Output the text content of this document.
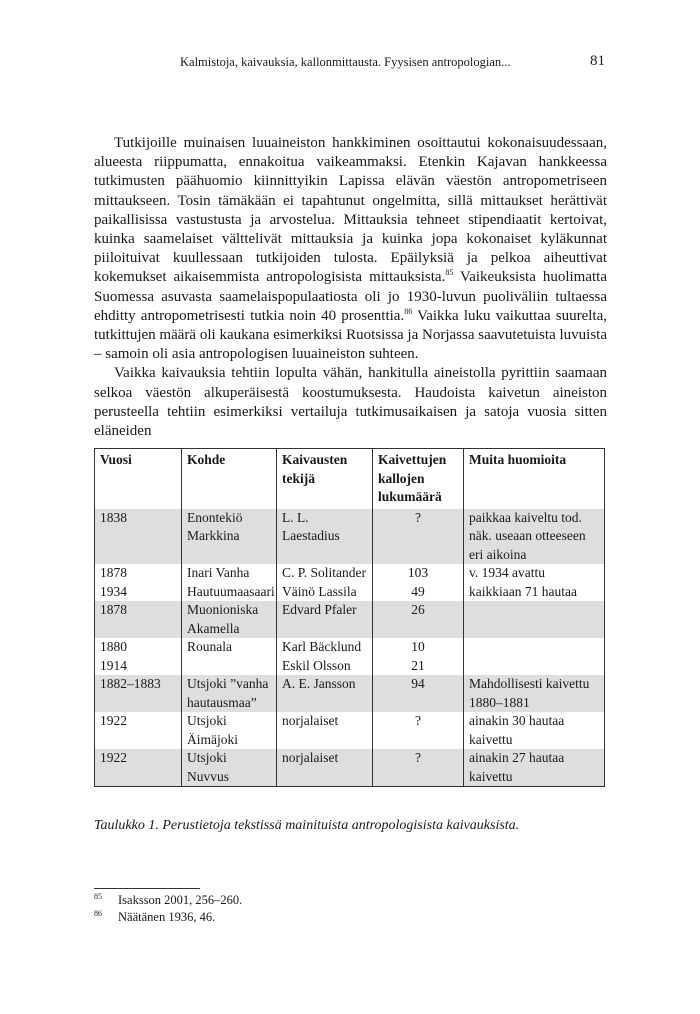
Kalmistoja, kaivauksia, kallonmittausta. Fyysisen antropologian...	81

Tutkijoille muinaisen luuaineiston hankkiminen osoittautui kokonaisuudessaan, alueesta riippumatta, ennakoitua vaikeammaksi. Etenkin Kajavan hankkeessa tutkimusten päähuomio kiinnittyikin Lapissa elävän väestön antropometriseen mittaukseen. Tosin tämäkään ei tapahtunut ongelmitta, sillä mittaukset herättivät paikallisissa vastustusta ja arvostelua. Mittauksia tehneet stipendiaatit kertoivat, kuinka saamelaiset välttelivät mittauksia ja kuinka jopa kokonaiset kyläkunnat piiloituivat kuullessaan tutkijoiden tulosta. Epäilyksiä ja pelkoa aiheuttivat kokemukset aikaisemmista antropologisista mittauksista.$^{85}$ Vaikeuksista huolimatta Suomessa asuvasta saamelaispopulaatiosta oli jo 1930-luvun puoliväliin tultaessa ehditty antropometrisesti tutkia noin 40 prosenttia.$^{86}$ Vaikka luku vaikuttaa suurelta, tutkittujen määrä oli kaukana esimerkiksi Ruotsissa ja Norjassa saavutetuista luvuista – samoin oli asia antropologisen luuaineiston suhteen.

Vaikka kaivauksia tehtiin lopulta vähän, hankitulla aineistolla pyrittiin saamaan selkoa väestön alkuperäisestä koostumuksesta. Haudoista kaivetun aineiston perusteella tehtiin esimerkiksi vertailuja tutkimusaikaisen ja satoja vuosia sitten eläneiden

Vuosi	Kohde	Kaivausten tekijä	Kaivettujen kallojen lukumäärä	Muita huomioita
1838	Enontekiö Markkina	L. L. Laestadius	?	paikkaa kaiveltu tod. näk. useaan otteeseen eri aikoina
1878	Inari Vanha	C. P. Solitander	103	v. 1934 avattu
1934	Hautuumaasaari	Väinö Lassila	49	kaikkiaan 71 hautaa
1878	Muonioniska Akamella	Edvard Pfaler	26	
1880	Rounala	Karl Bäcklund	10	
1914		Eskil Olsson	21	
1882–1883	Utsjoki ”vanha hautausmaa”	A. E. Jansson	94	Mahdollisesti kaivettu 1880–1881
1922	Utsjoki Äimäjoki	norjalaiset	?	ainakin 30 hautaa kaivettu
1922	Utsjoki Nuvvus	norjalaiset	?	ainakin 27 hautaa kaivettu
Taulukko 1. Perustietoja tekstissä mainituista antropologisista kaivauksista.
85 Isaksson 2001, 256–260.
86 Näätänen 1936, 46.
